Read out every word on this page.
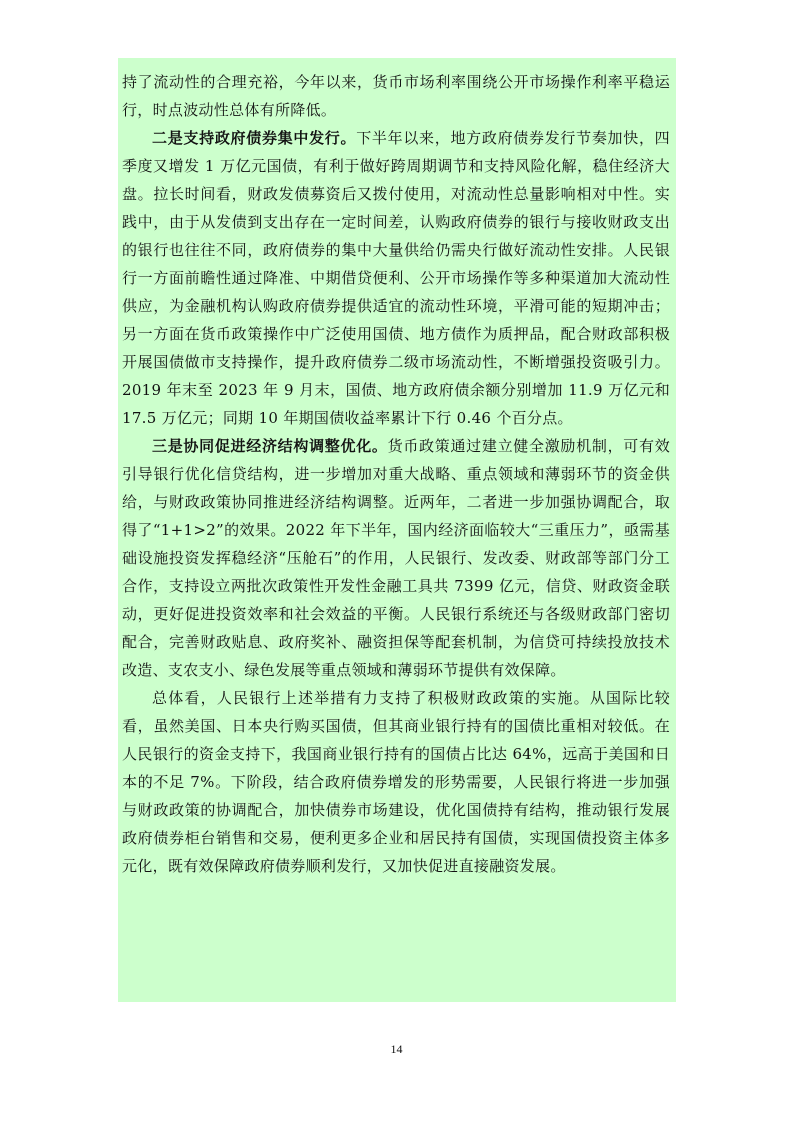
持了流动性的合理充裕，今年以来，货币市场利率围绕公开市场操作利率平稳运行，时点波动性总体有所降低。

二是支持政府债券集中发行。下半年以来，地方政府债券发行节奏加快，四季度又增发 1 万亿元国债，有利于做好跨周期调节和支持风险化解，稳住经济大盘。拉长时间看，财政发债募资后又拨付使用，对流动性总量影响相对中性。实践中，由于从发债到支出存在一定时间差，认购政府债券的银行与接收财政支出的银行也往往不同，政府债券的集中大量供给仍需央行做好流动性安排。人民银行一方面前瞻性通过降准、中期借贷便利、公开市场操作等多种渠道加大流动性供应，为金融机构认购政府债券提供适宜的流动性环境，平滑可能的短期冲击；另一方面在货币政策操作中广泛使用国债、地方债作为质押品，配合财政部积极开展国债做市支持操作，提升政府债券二级市场流动性，不断增强投资吸引力。2019 年末至 2023 年 9 月末，国债、地方政府债余额分别增加 11.9 万亿元和 17.5 万亿元；同期 10 年期国债收益率累计下行 0.46 个百分点。

三是协同促进经济结构调整优化。货币政策通过建立健全激励机制，可有效引导银行优化信贷结构，进一步增加对重大战略、重点领域和薄弱环节的资金供给，与财政政策协同推进经济结构调整。近两年，二者进一步加强协调配合，取得了“1+1>2”的效果。2022 年下半年，国内经济面临较大“三重压力”，亟需基础设施投资发挥稳经济“压舱石”的作用，人民银行、发改委、财政部等部门分工合作，支持设立两批次政策性开发性金融工具共 7399 亿元，信贷、财政资金联动，更好促进投资效率和社会效益的平衡。人民银行系统还与各级财政部门密切配合，完善财政贴息、政府奖补、融资担保等配套机制，为信贷可持续投放技术改造、支农支小、绿色发展等重点领域和薄弱环节提供有效保障。

总体看，人民银行上述举措有力支持了积极财政政策的实施。从国际比较看，虽然美国、日本央行购买国债，但其商业银行持有的国债比重相对较低。在人民银行的资金支持下，我国商业银行持有的国债占比达 64%，远高于美国和日本的不足 7%。下阶段，结合政府债券增发的形势需要，人民银行将进一步加强与财政政策的协调配合，加快债券市场建设，优化国债持有结构，推动银行发展政府债券柜台销售和交易，便利更多企业和居民持有国债，实现国债投资主体多元化，既有效保障政府债券顺利发行，又加快促进直接融资发展。

14
